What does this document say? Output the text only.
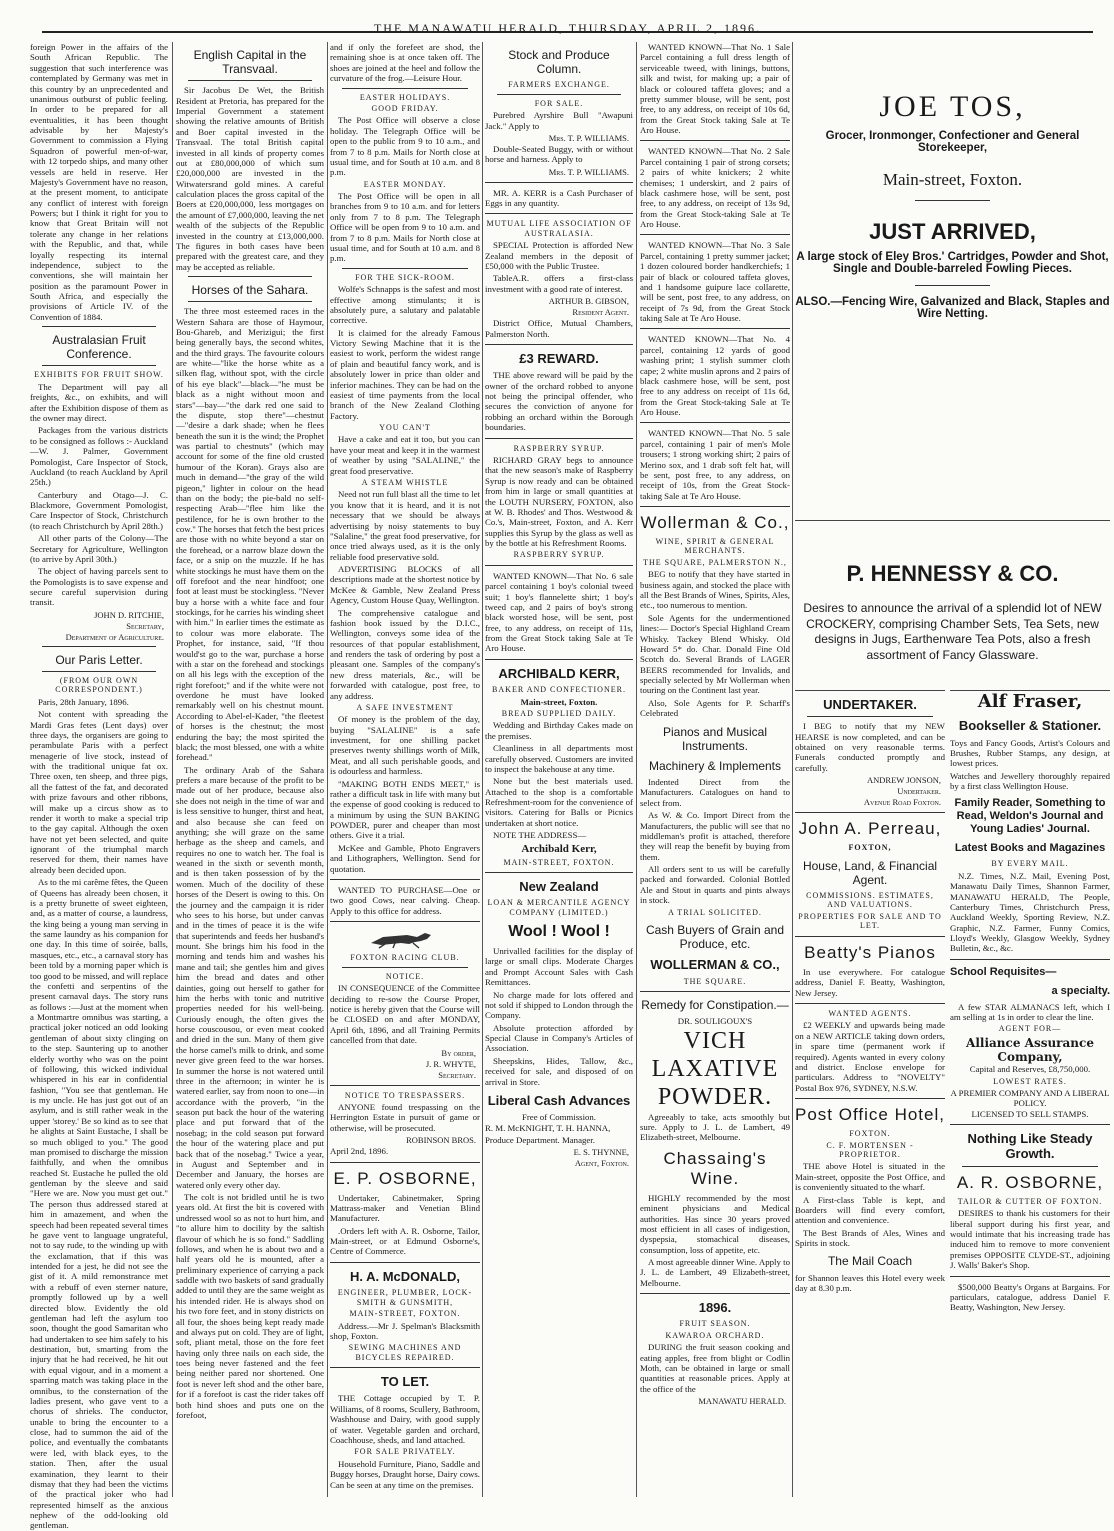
THE MANAWATU HERALD, THURSDAY, APRIL 2, 1896.

foreign Power in the affairs of the South African Republic. The suggestion that such interference was contemplated by Germany was met in this country by an unprecedented and unanimous outburst of public feeling. In order to be prepared for all eventualities, it has been thought advisable by her Majesty's Government to commission a Flying Squadron of powerful men-of-war, with 12 torpedo ships, and many other vessels are held in reserve. Her Majesty's Government have no reason, at the present moment, to anticipate any conflict of interest with foreign Powers; but I think it right for you to know that Great Britain will not tolerate any change in her relations with the Republic, and that, while loyally respecting its internal independence, subject to the conventions, she will maintain her position as the paramount Power in South Africa, and especially the provisions of Article IV. of the Convention of 1884.

Australasian Fruit Conference.
EXHIBITS FOR FRUIT SHOW.

The Department will pay all freights, &c., on exhibits, and will after the Exhibition dispose of them as the owner may direct.

Packages from the various districts to be consigned as follows :- Auckland—W. J. Palmer, Government Pomologist, Care Inspector of Stock, Auckland (to reach Auckland by April 25th.)

Canterbury and Otago—J. C. Blackmore, Government Pomologist, Care Inspector of Stock, Christchurch (to reach Christchurch by April 28th.)

All other parts of the Colony—The Secretary for Agriculture, Wellington (to arrive by April 30th.)

The object of having parcels sent to the Pomologists is to save expense and secure careful supervision during transit.

JOHN D. RITCHIE,
Secretary,
Department of Agriculture.
Our Paris Letter.
(FROM OUR OWN CORRESPONDENT.)

Paris, 28th January, 1896.

Not content with spreading the Mardi Gras fetes (Lent days) over three days, the organisers are going to perambulate Paris with a perfect menagerie of live stock, instead of with the traditional unique fat ox. Three oxen, ten sheep, and three pigs, all the fattest of the fat, and decorated with prize favours and other ribbons, will make up a circus show as to render it worth to make a special trip to the gay capital. Although the oxen have not yet been selected, and quite ignorant of the triumphal march reserved for them, their names have already been decided upon.

As to the mi carême fêtes, the Queen of Queens has already been chosen, it is a pretty brunette of sweet eighteen, and, as a matter of course, a laundress, the king being a young man serving in the same laundry as his companion for one day. In this time of soirée, balls, masques, etc., etc., a carnaval story has been told by a morning paper which is too good to be missed, and will replace the confetti and serpentins of the present carnaval days. The story runs as follows :—Just at the moment when a Montmartre omnibus was starting, a practical joker noticed an odd looking gentleman of about sixty clinging on to the step. Sauntering up to another elderly worthy who was on the point of following, this wicked individual whispered in his ear in confidential fashion, "You see that gentleman. He is my uncle. He has just got out of an asylum, and is still rather weak in the upper 'storey.' Be so kind as to see that he alights at Saint Eustache, I shall be so much obliged to you." The good man promised to discharge the mission faithfully, and when the omnibus reached St. Eustache he pulled the old gentleman by the sleeve and said "Here we are. Now you must get out." The person thus addressed stared at him in amazement, and when the speech had been repeated several times he gave vent to language ungrateful, not to say rude, to the winding up with the exclamation, that if this was intended for a jest, he did not see the gist of it. A mild remonstrance met with a rebuff of even sterner nature, promptly followed up by a well directed blow. Evidently the old gentleman had left the asylum too soon, thought the good Samaritan who had undertaken to see him safely to his destination, but, smarting from the injury that he had received, he hit out with equal vigour, and in a moment a sparring match was taking place in the omnibus, to the consternation of the ladies present, who gave vent to a chorus of shrieks. The conductor, unable to bring the encounter to a close, had to summon the aid of the police, and eventually the combatants were led, with black eyes, to the station. Then, after the usual examination, they learnt to their dismay that they had been the victims of the practical joker who had represented himself as the anxious nephew of the odd-looking old gentleman.

English Capital in the Transvaal.

Sir Jacobus De Wet, the British Resident at Pretoria, has prepared for the Imperial Government a statement showing the relative amounts of British and Boer capital invested in the Transvaal. The total British capital invested in all kinds of property comes out at £80,000,000 of which sum £20,000,000 are invested in the Witwatersrand gold mines. A careful calculation places the gross capital of the Boers at £20,000,000, less mortgages on the amount of £7,000,000, leaving the net wealth of the subjects of the Republic invested in the country at £13,000,000. The figures in both cases have been prepared with the greatest care, and they may be accepted as reliable.

Horses of the Sahara.

The three most esteemed races in the Western Sahara are those of Haymour, Bou-Ghareb, and Merizigui; the first being generally bays, the second whites, and the third grays. The favourite colours are white—"like the horse white as a silken flag, without spot, with the circle of his eye black"—black—"he must be black as a night without moon and stars"—bay—"the dark red one said to the dispute, stop there"—chestnut—"desire a dark shade; when he flees beneath the sun it is the wind; the Prophet was partial to chestnuts" (which may account for some of the fine old crusted humour of the Koran). Grays also are much in demand—"the gray of the wild pigeon," lighter in colour on the head than on the body; the pie-bald no self-respecting Arab—"flee him like the pestilence, for he is own brother to the cow." The horses that fetch the best prices are those with no white beyond a star on the forehead, or a narrow blaze down the face, or a snip on the muzzle. If he has white stockings he must have them on the off forefoot and the near hindfoot; one foot at least must be stockingless. "Never buy a horse with a white face and four stockings, for he carries his winding sheet with him." In earlier times the estimate as to colour was more elaborate. The Prophet, for instance, said, "If thou would'st go to the war, purchase a horse with a star on the forehead and stockings on all his legs with the exception of the right forefoot;" and if the white were not overdone he must have looked remarkably well on his chestnut mount. According to Abel-el-Kader, "the fleetest of horses is the chestnut; the most enduring the bay; the most spirited the black; the most blessed, one with a white forehead."

The ordinary Arab of the Sahara prefers a mare because of the profit to be made out of her produce, because also she does not neigh in the time of war and is less sensitive to hunger, thirst and heat, and also because she can feed on anything; she will graze on the same herbage as the sheep and camels, and requires no one to watch her. The foal is weaned in the sixth or seventh month, and is then taken possession of by the women. Much of the docility of these horses of the Desert is owing to this. On the journey and the campaign it is rider who sees to his horse, but under canvas and in the times of peace it is the wife that superintends and feeds her husband's mount. She brings him his food in the morning and tends him and washes his mane and tail; she gentles him and gives him the bread and dates and other dainties, going out herself to gather for him the herbs with tonic and nutritive properties needed for his well-being. Curiously enough, the often gives the horse couscousou, or even meat cooked and dried in the sun. Many of them give the horse camel's milk to drink, and some never give green feed to the war horses. In summer the horse is not watered until three in the afternoon; in winter he is watered earlier, say from noon to one—in accordance with the proverb, "in the season put back the hour of the watering place and put forward that of the nosebag; in the cold season put forward the hour of the watering place and put back that of the nosebag." Twice a year, in August and September and in December and January, the horses are watered only every other day.

The colt is not bridled until he is two years old. At first the bit is covered with undressed wool so as not to hurt him, and "to allure him to docility by the saltish flavour of which he is so fond." Saddling follows, and when he is about two and a half years old he is mounted, after a preliminary experience of carrying a pack saddle with two baskets of sand gradually added to until they are the same weight as his intended rider. He is always shod on his two fore feet, and in stony districts on all four, the shoes being kept ready made and always put on cold. They are of light, soft, pliant metal, those on the fore feet having only three nails on each side, the toes being never fastened and the feet being neither pared nor shortened. One foot is never left shod and the other bare, for if a forefoot is cast the rider takes off both hind shoes and puts one on the forefoot,

and if only the forefeet are shod, the remaining shoe is at once taken off. The shoes are joined at the heel and follow the curvature of the frog.—Leisure Hour.

EASTER HOLIDAYS.
GOOD FRIDAY.

The Post Office will observe a close holiday. The Telegraph Office will be open to the public from 9 to 10 a.m., and from 7 to 8 p.m. Mails for North close at usual time, and for South at 10 a.m. and 8 p.m.

EASTER MONDAY.

The Post Office will be open in all branches from 9 to 10 a.m. and for letters only from 7 to 8 p.m. The Telegraph Office will be open from 9 to 10 a.m. and from 7 to 8 p.m. Mails for North close at usual time, and for South at 10 a.m. and 8 p.m.

FOR THE SICK-ROOM.

Wolfe's Schnapps is the safest and most effective among stimulants; it is absolutely pure, a salutary and palatable corrective.

It is claimed for the already Famous Victory Sewing Machine that it is the easiest to work, perform the widest range of plain and beautiful fancy work, and is absolutely lower in price than older and inferior machines. They can be had on the easiest of time payments from the local branch of the New Zealand Clothing Factory.

YOU CAN'T

Have a cake and eat it too, but you can have your meat and keep it in the warmest of weather by using "SALALINE," the great food preservative.

A STEAM WHISTLE

Need not run full blast all the time to let you know that it is heard, and it is not necessary that we should be always advertising by noisy statements to buy "Salaline," the great food preservative, for once tried always used, as it is the only reliable food preservative sold.

ADVERTISING BLOCKS of all descriptions made at the shortest notice by McKee & Gamble, New Zealand Press Agency, Custom House Quay, Wellington.

The comprehensive catalogue and fashion book issued by the D.I.C., Wellington, conveys some idea of the resources of that popular establishment, and renders the task of ordering by post a pleasant one. Samples of the company's new dress materials, &c., will be forwarded with catalogue, post free, to any address.

A SAFE INVESTMENT

Of money is the problem of the day, buying "SALALINE" is a safe investment, for one shilling packet preserves twenty shillings worth of Milk, Meat, and all such perishable goods, and is odourless and harmless.

"MAKING BOTH ENDS MEET," is rather a difficult task in life with many but the expense of good cooking is reduced to a minimum by using the SUN BAKING POWDER, purer and cheaper than most others. Give it a trial.

McKee and Gamble, Photo Engravers and Lithographers, Wellington. Send for quotation.

WANTED TO PURCHASE—One or two good Cows, near calving. Cheap. Apply to this office for address.

FOXTON RACING CLUB.
NOTICE.

IN CONSEQUENCE of the Committee deciding to re-sow the Course Proper, notice is hereby given that the Course will be CLOSED on and after MONDAY, April 6th, 1896, and all Training Permits cancelled from that date.

By order,
J. R. WHYTE,
Secretary.
NOTICE TO TRESPASSERS.

ANYONE found trespassing on the Herrington Estate in pursuit of game or otherwise, will be prosecuted.

ROBINSON BROS.

April 2nd, 1896.

E. P. OSBORNE,

Undertaker, Cabinetmaker, Spring Mattrass-maker and Venetian Blind Manufacturer.

.Orders left with A. R. Osborne, Tailor, Main-street, or at Edmund Osborne's, Centre of Commerce.

H. A. McDONALD,
ENGINEER, PLUMBER, LOCK-SMITH & GUNSMITH,
MAIN-STREET, FOXTON.

Address.—Mr J. Spelman's Blacksmith shop, Foxton.

SEWING MACHINES AND BICYCLES REPAIRED.
TO LET.

THE Cottage occupied by T. P. Williams, of 8 rooms, Scullery, Bathroom, Washhouse and Dairy, with good supply of water. Vegetable garden and orchard, Coachhouse, sheds, and land attached.

FOR SALE PRIVATELY.

Household Furniture, Piano, Saddle and Buggy horses, Draught horse, Dairy cows. Can be seen at any time on the premises.

Stock and Produce Column.
FARMERS EXCHANGE.
FOR SALE.

Purebred Ayrshire Bull "Awapuni Jack." Apply to

Mrs. T. P. WILLIAMS.

Double-Seated Buggy, with or without horse and harness. Apply to

Mrs. T. P. WILLIAMS.

MR. A. KERR is a Cash Purchaser of Eggs in any quantity.

MUTUAL LIFE ASSOCIATION OF AUSTRALASIA.

SPECIAL Protection is afforded New Zealand members in the deposit of £50,000 with the Public Trustee.

TableA.R. offers a first-class investment with a good rate of interest.

ARTHUR B. GIBSON,
Resident Agent.

District Office, Mutual Chambers, Palmerston North.

£3 REWARD.

THE above reward will be paid by the owner of the orchard robbed to anyone not being the principal offender, who secures the conviction of anyone for robbing an orchard within the Borough boundaries.

RASPBERRY SYRUP.

RICHARD GRAY begs to announce that the new season's make of Raspberry Syrup is now ready and can be obtained from him in large or small quantities at the LOUTH NURSERY, FOXTON, also at W. B. Rhodes' and Thos. Westwood & Co.'s, Main-street, Foxton, and A. Kerr supplies this Syrup by the glass as well as by the bottle at his Refreshment Rooms.

RASPBERRY SYRUP.

WANTED KNOWN—That No. 6 sale parcel containing 1 boy's colonial tweed suit; 1 boy's flannelette shirt; 1 boy's tweed cap, and 2 pairs of boy's strong black worsted hose, will be sent, post free, to any address, on receipt of 11s, from the Great Stock taking Sale at Te Aro House.

ARCHIBALD KERR,
BAKER AND CONFECTIONER.
Main-street, Foxton.
BREAD SUPPLIED DAILY.

Wedding and Birthday Cakes made on the premises.

Cleanliness in all departments most carefully observed. Customers are invited to inspect the bakehouse at any time.

None but the best materials used. Attached to the shop is a comfortable Refreshment-room for the convenience of visitors. Catering for Balls or Picnics undertaken at short notice.

NOTE THE ADDRESS—

Archibald Kerr,
MAIN-STREET, FOXTON.
New Zealand
LOAN & MERCANTILE AGENCY COMPANY (LIMITED.)
Wool ! Wool !

Unrivalled facilities for the display of large or small clips. Moderate Charges and Prompt Account Sales with Cash Remittances.

No charge made for lots offered and not sold if shipped to London through the Company.

Absolute protection afforded by Special Clause in Company's Articles of Association.

Sheepskins, Hides, Tallow, &c., received for sale, and disposed of on arrival in Store.

Liberal Cash Advances
Free of Commission.

R. M. McKNIGHT, T. H. HANNA,

Produce Department. Manager.

E. S. THYNNE,
Agent, Foxton.

WANTED KNOWN—That No. 1 Sale Parcel containing a full dress length of serviceable tweed, with linings, buttons, silk and twist, for making up; a pair of black or coloured taffeta gloves; and a pretty summer blouse, will be sent, post free, to any address, on receipt of 10s 6d, from the Great Stock taking Sale at Te Aro House.

WANTED KNOWN—That No. 2 Sale Parcel containing 1 pair of strong corsets; 2 pairs of white knickers; 2 white chemises; 1 underskirt, and 2 pairs of black cashmere hose, will be sent, post free, to any address, on receipt of 13s 9d, from the Great Stock-taking Sale at Te Aro House.

WANTED KNOWN—That No. 3 Sale Parcel, containing 1 pretty summer jacket; 1 dozen coloured border handkerchiefs; 1 pair of black or coloured taffeta gloves, and 1 handsome guipure lace collarette, will be sent, post free, to any address, on receipt of 7s 9d, from the Great Stock taking Sale at Te Aro House.

WANTED KNOWN—That No. 4 parcel, containing 12 yards of good washing print; 1 stylish summer cloth cape; 2 white muslin aprons and 2 pairs of black cashmere hose, will be sent, post free to any address on receipt of 11s 6d, from the Great Stock-taking Sale at Te Aro House.

WANTED KNOWN—That No. 5 sale parcel, containing 1 pair of men's Mole trousers; 1 strong working shirt; 2 pairs of Merino sox, and 1 drab soft felt hat, will be sent, post free, to any address, on receipt of 10s, from the Great Stock-taking Sale at Te Aro House.

Wollerman & Co.,
WINE, SPIRIT & GENERAL MERCHANTS.
THE SQUARE, PALMERSTON N.,

BEG to notify that they have started in business again, and stocked the place with all the Best Brands of Wines, Spirits, Ales, etc., too numerous to mention.

Sole Agents for the undermentioned lines:— Doctor's Special Highland Cream Whisky. Tackey Blend Whisky. Old Howard 5* do. Char. Donald Fine Old Scotch do. Several Brands of LAGER BEERS recommended for Invalids, and specially selected by Mr Wollerman when touring on the Continent last year.

Also, Sole Agents for P. Scharff's Celebrated

Pianos and Musical Instruments.
Machinery & Implements

Indented Direct from the Manufacturers. Catalogues on hand to select from.

As W. & Co. Import Direct from the Manufacturers, the public will see that no middleman's profit is attached, therefore they will reap the benefit by buying from them.

All orders sent to us will be carefully packed and forwarded. Colonial Bottled Ale and Stout in quarts and pints always in stock.

A TRIAL SOLICITED.
Cash Buyers of Grain and Produce, etc.
WOLLERMAN & CO.,
THE SQUARE.
Remedy for Constipation.—
DR. SOULIGOUX'S
VICH LAXATIVE
POWDER.

Agreeably to take, acts smoothly but sure. Apply to J. L. de Lambert, 49 Elizabeth-street, Melbourne.

Chassaing's Wine.

HIGHLY recommended by the most eminent physicians and Medical authorities. Has since 30 years proved most efficient in all cases of indigestion, dyspepsia, stomachical diseases, consumption, loss of appetite, etc.

A most agreeable dinner Wine. Apply to J. L. de Lambert, 49 Elizabeth-street, Melbourne.

1896.
FRUIT SEASON.
KAWAROA ORCHARD.

DURING the fruit season cooking and eating apples, free from blight or Codlin Moth, can be obtained in large or small quantities at reasonable prices. Apply at the office of the

MANAWATU HERALD.
JOE TOS,
Grocer, Ironmonger, Confectioner and General Storekeeper,
Main-street, Foxton.
JUST ARRIVED,
A large stock of Eley Bros.' Cartridges, Powder and Shot, Single and Double-barreled Fowling Pieces.
ALSO.—Fencing Wire, Galvanized and Black, Staples and Wire Netting.
P. HENNESSY & CO.
Desires to announce the arrival of a splendid lot of NEW CROCKERY, comprising Chamber Sets, Tea Sets, new designs in Jugs, Earthenware Tea Pots, also a fresh assortment of Fancy Glassware.
UNDERTAKER.

I BEG to notify that my NEW HEARSE is now completed, and can be obtained on very reasonable terms. Funerals conducted promptly and carefully.

ANDREW JONSON,
Undertaker.
Avenue Road Foxton.
John A. Perreau,
FOXTON,
House, Land, & Financial Agent.
COMMISSIONS. ESTIMATES, AND VALUATIONS.
PROPERTIES FOR SALE AND TO LET.
Beatty's Pianos

In use everywhere. For catalogue address, Daniel F. Beatty, Washington, New Jersey.

WANTED AGENTS.

£2 WEEKLY and upwards being made on a NEW ARTICLE taking down orders, in spare time (permanent work if required). Agents wanted in every colony and district. Enclose envelope for particulars. Address to "NOVELTY" Postal Box 976, SYDNEY, N.S.W.

Post Office Hotel,
FOXTON.
C. F. MORTENSEN - PROPRIETOR.

THE above Hotel is situated in the Main-street, opposite the Post Office, and is conveniently situated to the wharf.

A First-class Table is kept, and Boarders will find every comfort, attention and convenience.

The Best Brands of Ales, Wines and Spirits in stock.

The Mail Coach

for Shannon leaves this Hotel every week day at 8.30 p.m.

Alf Fraser,
Bookseller & Stationer.

Toys and Fancy Goods, Artist's Colours and Brushes, Rubber Stamps, any design, at lowest prices.

Watches and Jewellery thoroughly repaired by a first class Wellington House.

Family Reader, Something to Read, Weldon's Journal and Young Ladies' Journal.
Latest Books and Magazines
BY EVERY MAIL.

N.Z. Times, N.Z. Mail, Evening Post, Manawatu Daily Times, Shannon Farmer, MANAWATU HERALD, The People, Canterbury Times, Christchurch Press, Auckland Weekly, Sporting Review, N.Z. Graphic, N.Z. Farmer, Funny Comics, Lloyd's Weekly, Glasgow Weekly, Sydney Bulletin, &c., &c.

School Requisites—
a specialty.

A few STAR ALMANACS left, which I am selling at 1s in order to clear the line.

AGENT FOR—
Alliance Assurance Company,
Capital and Reserves, £8,750,000.
LOWEST RATES.
A PREMIER COMPANY AND A LIBERAL POLICY.
LICENSED TO SELL STAMPS.
Nothing Like Steady Growth.
A. R. OSBORNE,
TAILOR & CUTTER OF FOXTON.

DESIRES to thank his customers for their liberal support during his first year, and would intimate that his increasing trade has induced him to remove to more convenient premises OPPOSITE CLYDE-ST., adjoining J. Walls' Baker's Shop.

$500,000 Beatty's Organs at Bargains. For particulars, catalogue, address Daniel F. Beatty, Washington, New Jersey.
